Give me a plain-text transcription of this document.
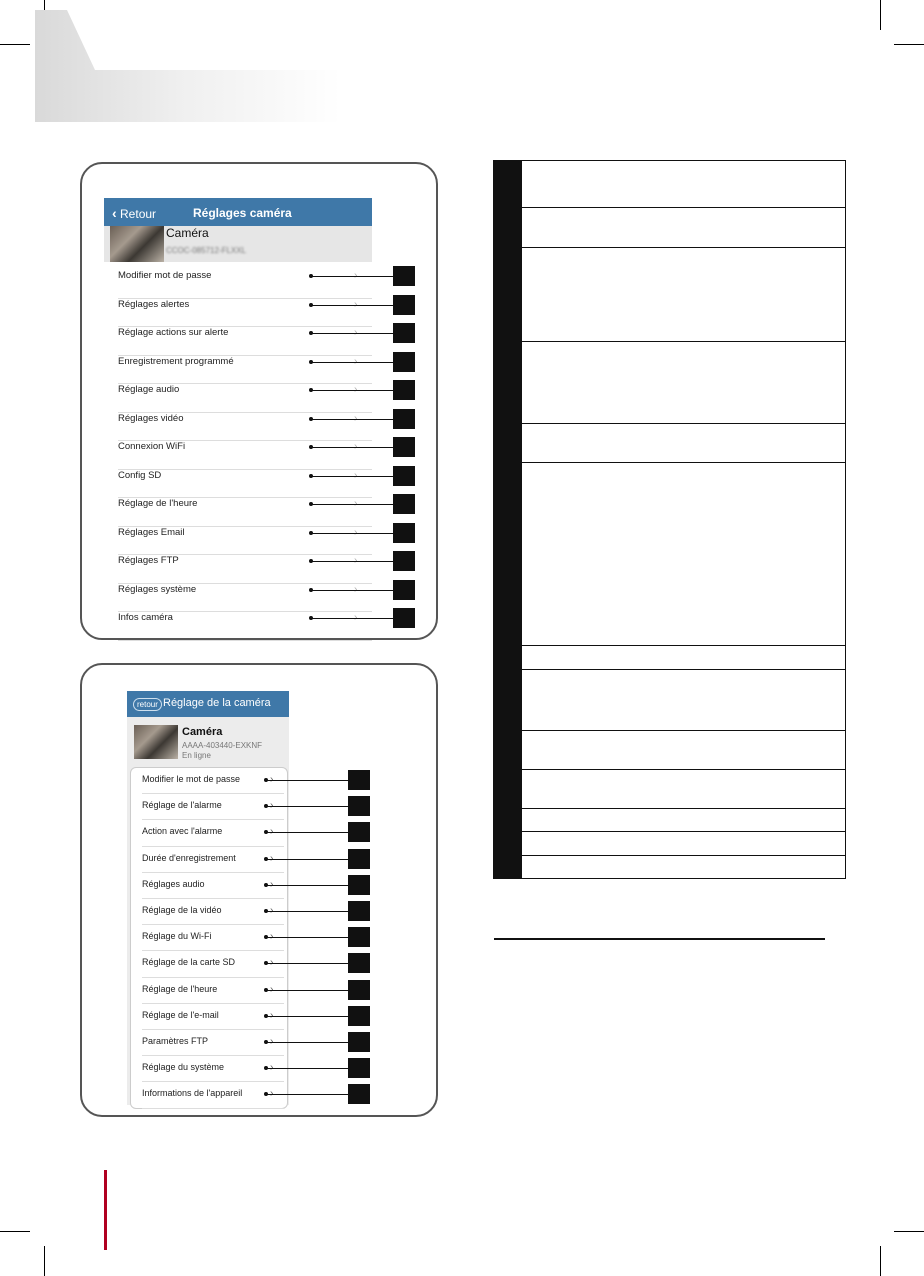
‹ Retour	Réglages caméra
Caméra
CCOC-085712-FLXXL
Modifier mot de passe
Réglages alertes
Réglage actions sur alerte
Enregistrement programmé
Réglage audio
Réglages vidéo
Connexion WiFi
Config SD
Réglage de l'heure
Réglages Email
Réglages FTP
Réglages système
Infos caméra
retour Réglage de la caméra
Caméra
AAAA-403440-EXKNF
En ligne
Modifier le mot de passe
Réglage de l'alarme
Action avec l'alarme
Durée d'enregistrement
Réglages audio
Réglage de la vidéo
Réglage du Wi-Fi
Réglage de la carte SD
Réglage de l'heure
Réglage de l'e-mail
Paramètres FTP
Réglage du système
Informations de l'appareil
